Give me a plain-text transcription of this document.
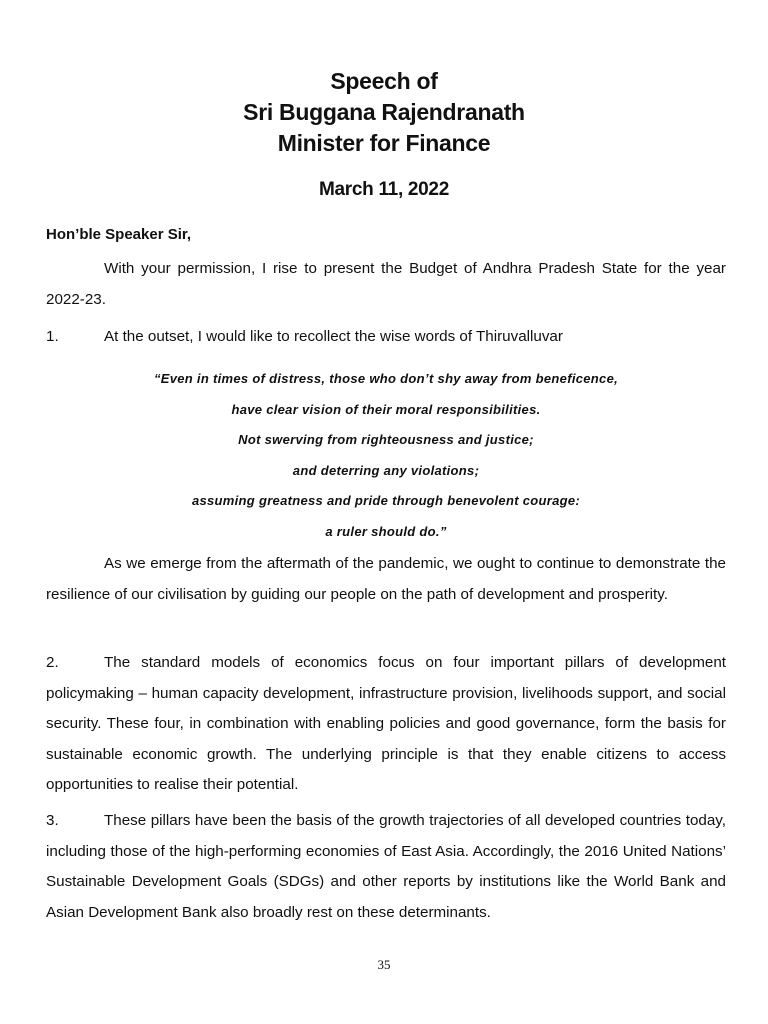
Speech of
Sri Buggana Rajendranath
Minister for Finance
March 11, 2022
Hon’ble Speaker Sir,
With your permission, I rise to present the Budget of Andhra Pradesh State for the year 2022-23.
1.	At the outset, I would like to recollect the wise words of Thiruvalluvar
“Even in times of distress, those who don’t shy away from beneficence,
have clear vision of their moral responsibilities.
Not swerving from righteousness and justice;
and deterring any violations;
assuming greatness and pride through benevolent courage:
a ruler should do.”
As we emerge from the aftermath of the pandemic, we ought to continue to demonstrate the resilience of our civilisation by guiding our people on the path of development and prosperity.
2.	The standard models of economics focus on four important pillars of development policymaking – human capacity development, infrastructure provision, livelihoods support, and social security. These four, in combination with enabling policies and good governance, form the basis for sustainable economic growth. The underlying principle is that they enable citizens to access opportunities to realise their potential.
3.	These pillars have been the basis of the growth trajectories of all developed countries today, including those of the high-performing economies of East Asia. Accordingly, the 2016 United Nations’ Sustainable Development Goals (SDGs) and other reports by institutions like the World Bank and Asian Development Bank also broadly rest on these determinants.
35
